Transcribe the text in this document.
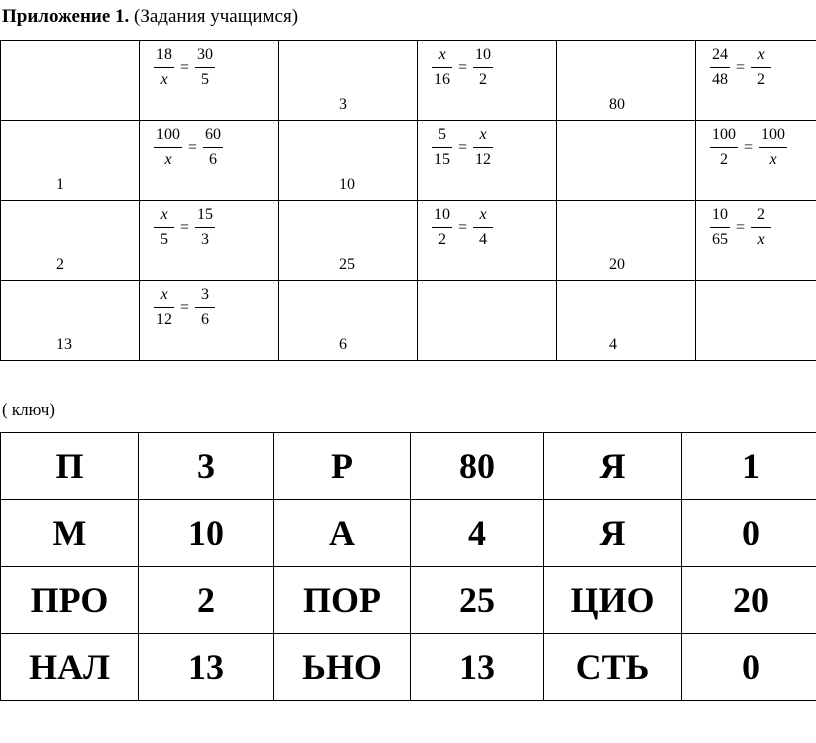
Приложение 1. (Задания учащимся)

	$\frac{18}{x} = \frac{30}{5}$	3	$\frac{x}{16} = \frac{10}{2}$	80	$\frac{24}{48} = \frac{x}{2}$

1	$\frac{100}{x} = \frac{60}{6}$	10	$\frac{5}{15} = \frac{x}{12}$		$\frac{100}{2} = \frac{100}{x}$

2	$\frac{x}{5} = \frac{15}{3}$	25	$\frac{10}{2} = \frac{x}{4}$	20	$\frac{10}{65} = \frac{2}{x}$

13	$\frac{x}{12} = \frac{3}{6}$	6		4	

( ключ)
П	3	Р	80	Я	1
М	10	А	4	Я	0
ПРО	2	ПОР	25	ЦИО	20
НАЛ	13	ЬНО	13	СТЬ	0
